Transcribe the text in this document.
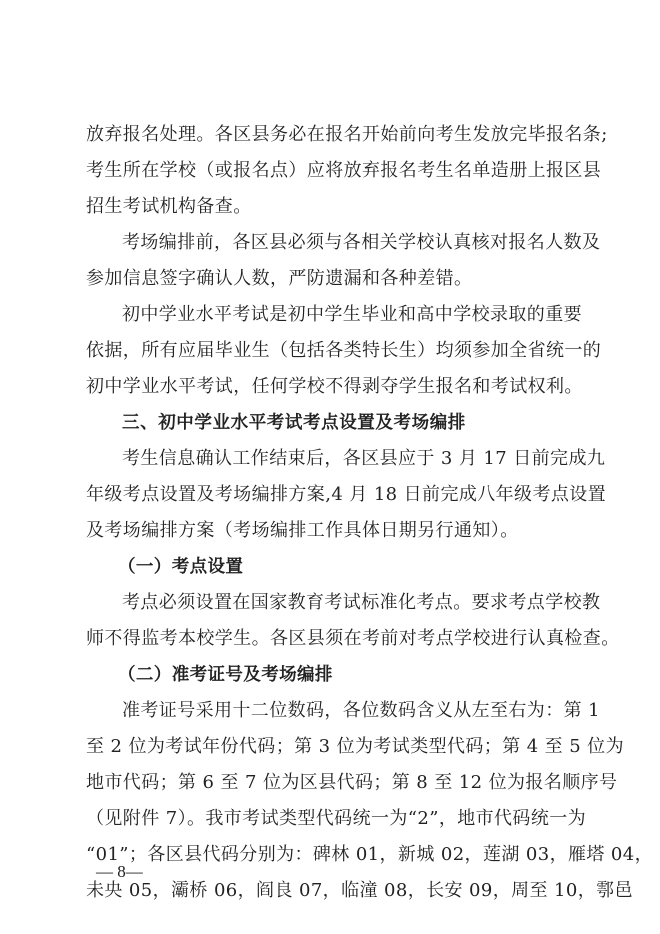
放弃报名处理。各区县务必在报名开始前向考生发放完毕报名条;
考生所在学校（或报名点）应将放弃报名考生名单造册上报区县
招生考试机构备查。
考场编排前，各区县必须与各相关学校认真核对报名人数及
参加信息签字确认人数，严防遗漏和各种差错。
初中学业水平考试是初中学生毕业和高中学校录取的重要
依据，所有应届毕业生（包括各类特长生）均须参加全省统一的
初中学业水平考试，任何学校不得剥夺学生报名和考试权利。
三、初中学业水平考试考点设置及考场编排
考生信息确认工作结束后，各区县应于 3 月 17 日前完成九
年级考点设置及考场编排方案,4 月 18 日前完成八年级考点设置
及考场编排方案（考场编排工作具体日期另行通知）。
（一）考点设置
考点必须设置在国家教育考试标准化考点。要求考点学校教
师不得监考本校学生。各区县须在考前对考点学校进行认真检查。
（二）准考证号及考场编排
准考证号采用十二位数码，各位数码含义从左至右为：第 1
至 2 位为考试年份代码；第 3 位为考试类型代码；第 4 至 5 位为
地市代码；第 6 至 7 位为区县代码；第 8 至 12 位为报名顺序号
（见附件 7）。我市考试类型代码统一为“2”，地市代码统一为
“01”；各区县代码分别为：碑林 01，新城 02，莲湖 03，雁塔 04，
未央 05，灞桥 06，阎良 07，临潼 08，长安 09，周至 10，鄠邑
— 8—
